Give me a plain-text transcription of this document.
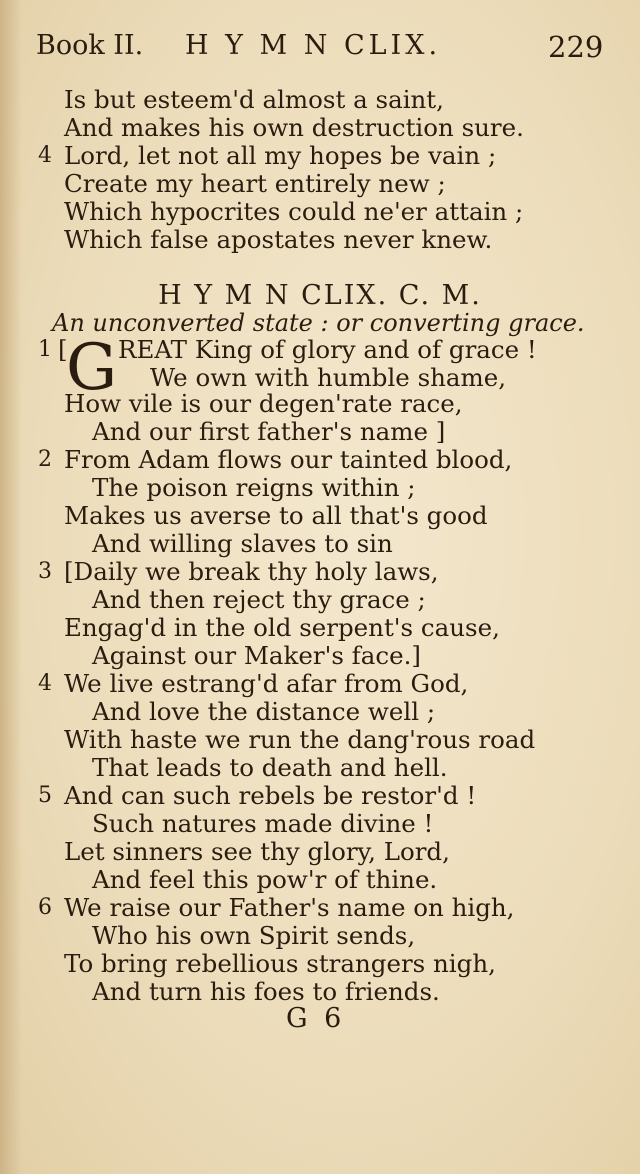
Book II. H Y M N CLIX.	229
Is but esteem'd almost a saint,
And makes his own destruction sure.
4 Lord, let not all my hopes be vain ;
Create my heart entirely new ;
Which hypocrites could ne'er attain ;
Which false apostates never knew.
H Y M N CLIX. C. M.
An unconverted state : or converting grace.
G
1 [ REAT King of glory and of grace !
We own with humble shame,
How vile is our degen'rate race,
And our first father's name ]
2 From Adam flows our tainted blood,
The poison reigns within ;
Makes us averse to all that's good
And willing slaves to sin
3 [Daily we break thy holy laws,
And then reject thy grace ;
Engag'd in the old serpent's cause,
Against our Maker's face.]
4 We live estrang'd afar from God,
And love the distance well ;
With haste we run the dang'rous road
That leads to death and hell.
5 And can such rebels be restor'd !
Such natures made divine !
Let sinners see thy glory, Lord,
And feel this pow'r of thine.
6 We raise our Father's name on high,
Who his own Spirit sends,
To bring rebellious strangers nigh,
And turn his foes to friends.
G 6
